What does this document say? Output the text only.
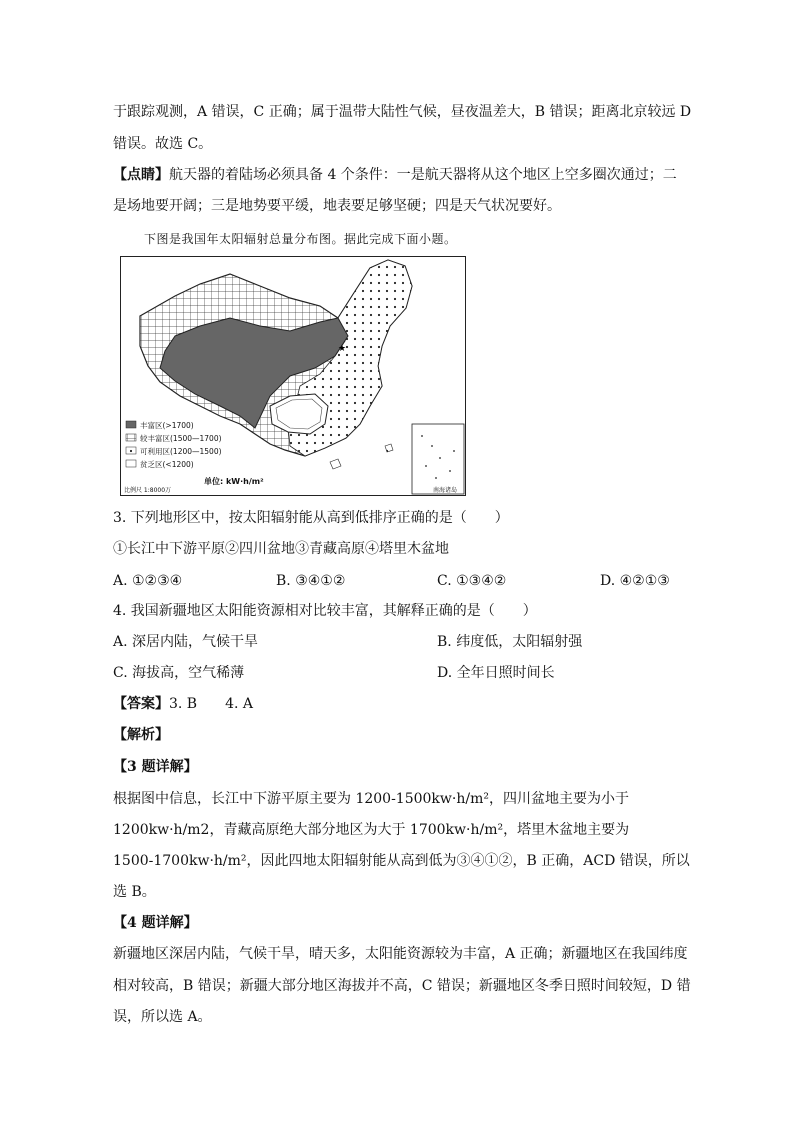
于跟踪观测，A 错误，C 正确；属于温带大陆性气候，昼夜温差大，B 错误；距离北京较远 D
错误。故选 C。
【点睛】航天器的着陆场必须具备 4 个条件：一是航天器将从这个地区上空多圈次通过；二
是场地要开阔；三是地势要平缓，地表要足够坚硬；四是天气状况要好。
下图是我国年太阳辐射总量分布图。据此完成下面小题。
★
丰富区(>1700)
较丰富区(1500—1700)
可利用区(1200—1500)
贫乏区(<1200)
单位: kW·h/m²
比例尺 1:8000万	南海诸岛
3. 下列地形区中，按太阳辐射能从高到低排序正确的是（　　）
①长江中下游平原②四川盆地③青藏高原④塔里木盆地
A. ①②③④	B. ③④①②	C. ①③④②	D. ④②①③
4. 我国新疆地区太阳能资源相对比较丰富，其解释正确的是（　　）
A. 深居内陆，气候干旱	B. 纬度低，太阳辐射强
C. 海拔高，空气稀薄	D. 全年日照时间长
【答案】3. B　　4. A
【解析】
【3 题详解】
根据图中信息，长江中下游平原主要为 1200-1500kw·h/m²，四川盆地主要为小于
1200kw·h/m2，青藏高原绝大部分地区为大于 1700kw·h/m²，塔里木盆地主要为
1500-1700kw·h/m²，因此四地太阳辐射能从高到低为③④①②，B 正确，ACD 错误，所以
选 B。
【4 题详解】
新疆地区深居内陆，气候干旱，晴天多，太阳能资源较为丰富，A 正确；新疆地区在我国纬度
相对较高，B 错误；新疆大部分地区海拔并不高，C 错误；新疆地区冬季日照时间较短，D 错
误，所以选 A。
